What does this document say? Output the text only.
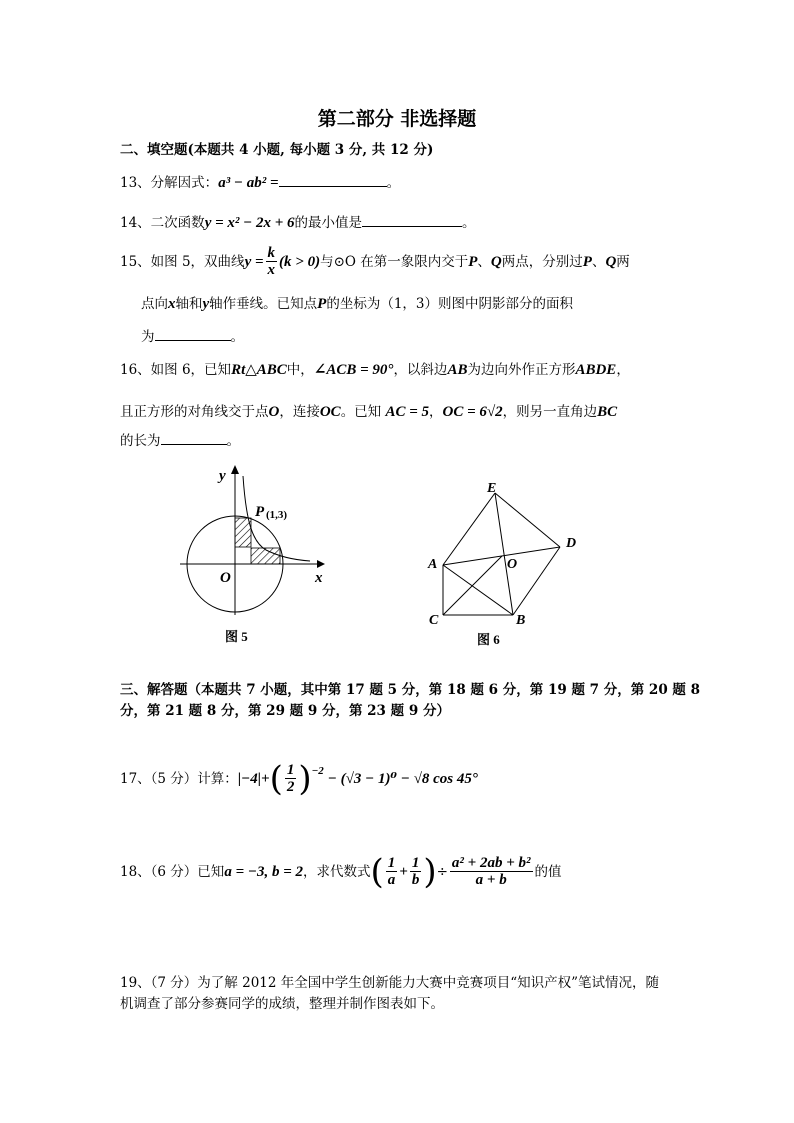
第二部分 非选择题
二、填空题(本题共 4 小题, 每小题 3 分, 共 12 分)
13、分解因式：a³ − ab² =	。
14、二次函数y = x² − 2x + 6的最小值是	。
15、如图 5，双曲线 $y = \frac{k}{x} (k > 0)$ 与⊙O 在第一象限内交于 P 、 Q 两点，分别过 P 、 Q 两
点向x轴和y轴作垂线。已知点P的坐标为（1，3）则图中阴影部分的面积
为	。
16、如图 6，已知Rt△ABC中，∠ACB = 90°，以斜边AB为边向外作正方形ABDE，
且正方形的对角线交于点O，连接OC。已知 AC = 5，OC = 6√2，则另一直角边BC
的长为	。
y
x
O
P (1,3)
图 5
E
D
A	O
C	B
图 6
三、解答题（本题共 7 小题，其中第 17 题 5 分，第 18 题 6 分，第 19 题 7 分，第 20 题 8
分，第 21 题 8 分，第 29 题 9 分，第 23 题 9 分）
17、（5 分）计算： |−4| + ( $\frac{1}{2} )^{-2} - (√3 - 1)^0 - √8$ cos 45°
18、（6 分）已知 a = −3, b = 2 ，求代数式 ( $\frac{1}{a} + \frac{1}{b}$ ) ÷ $\frac{\text{a² + 2ab + b²}}{a + b}$ 的值
19、（7 分）为了解 2012 年全国中学生创新能力大赛中竞赛项目“知识产权”笔试情况，随
机调查了部分参赛同学的成绩，整理并制作图表如下。
